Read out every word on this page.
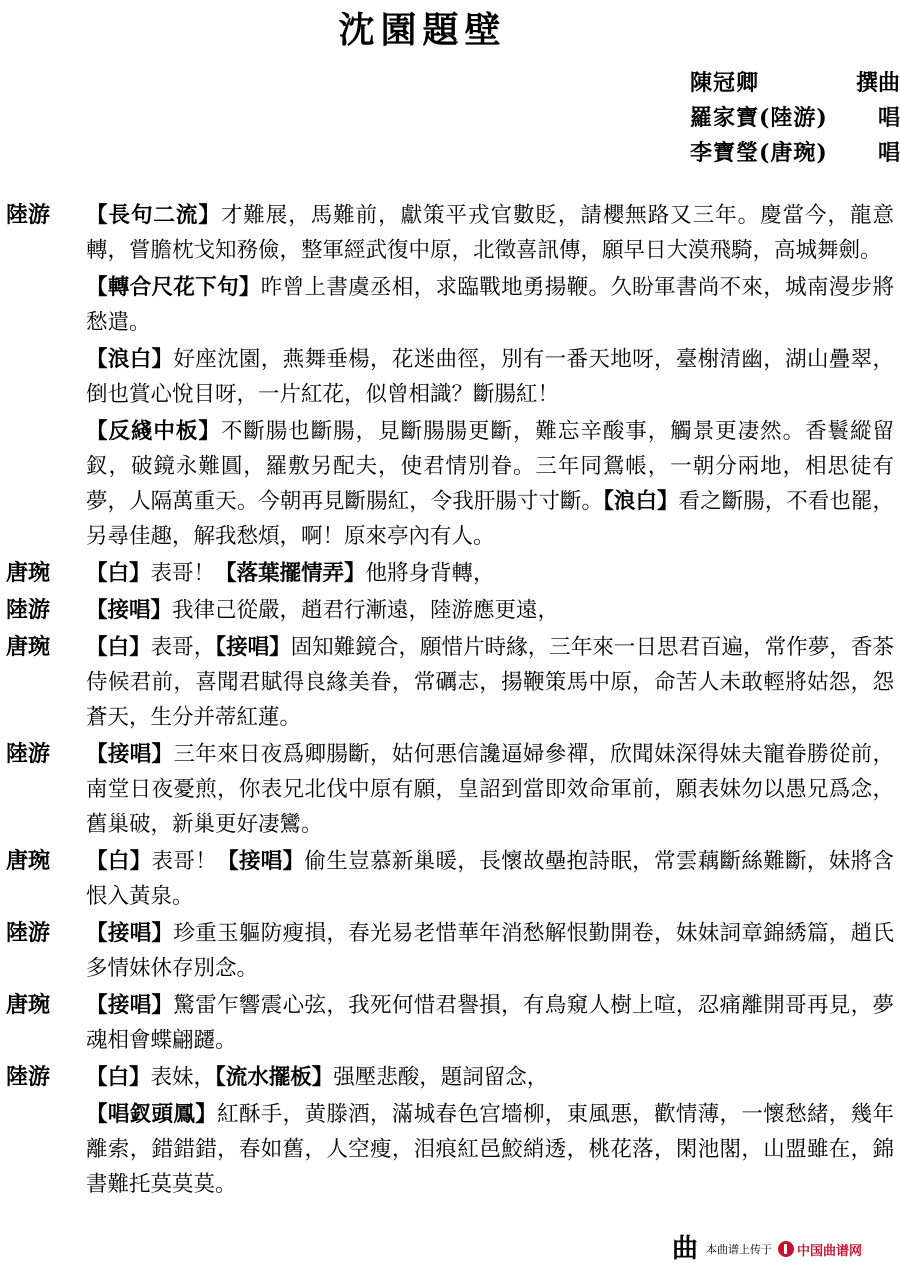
沈園題壁
陳冠卿	撰曲
羅家寶(陸游) 唱
李寶瑩(唐琬) 唱
陸游	【長句二流】才難展，馬難前，獻策平戎官數貶，請櫻無路又三年。慶當今，龍意轉，嘗膽枕戈知務儉，整軍經武復中原，北徵喜訊傳，願早日大漠飛騎，高城舞劍。
【轉合尺花下句】昨曾上書虞丞相，求臨戰地勇揚鞭。久盼軍書尚不來，城南漫步將愁遣。
【浪白】好座沈園，燕舞垂楊，花迷曲徑，別有一番天地呀，臺榭清幽，湖山疊翠，倒也賞心悅目呀，一片紅花，似曾相識？斷腸紅！
【反綫中板】不斷腸也斷腸，見斷腸腸更斷，難忘辛酸事，觸景更凄然。香鬟縱留釵，破鏡永難圓，羅敷另配夫，使君情別眷。三年同鴛帳，一朝分兩地，相思徒有夢，人隔萬重天。今朝再見斷腸紅，令我肝腸寸寸斷。【浪白】看之斷腸，不看也罷，另尋佳趣，解我愁煩，啊！原來亭內有人。
唐琬	【白】表哥！【落葉擺情弄】他將身背轉，
陸游	【接唱】我律己從嚴，趙君行漸遠，陸游應更遠，
唐琬	【白】表哥，【接唱】固知難鏡合，願惜片時緣，三年來一日思君百遍，常作夢，香茶侍候君前，喜聞君賦得良緣美眷，常礪志，揚鞭策馬中原，命苦人未敢輕將姑怨，怨蒼天，生分并蒂紅蓮。
陸游	【接唱】三年來日夜爲卿腸斷，姑何悪信讒逼婦參禪，欣聞妹深得妹夫寵眷勝從前，南堂日夜憂煎，你表兄北伐中原有願，皇詔到當即效命軍前，願表妹勿以愚兄爲念，舊巢破，新巢更好凄鸞。
唐琬	【白】表哥！【接唱】偷生豈慕新巢暖，長懷故壘抱詩眠，常雲藕斷絲難斷，妹將含恨入黃泉。
陸游	【接唱】珍重玉軀防瘦損，春光易老惜華年消愁解恨勤開卷，妹妹詞章錦綉篇，趙氏多情妹休存別念。
唐琬	【接唱】驚雷乍響震心弦，我死何惜君譽損，有鳥窺人樹上喧，忍痛離開哥再見，夢魂相會蝶翩躚。
陸游	【白】表妹，【流水擺板】强壓悲酸，題詞留念，
【唱釵頭鳳】紅酥手，黄滕酒，滿城春色宫墻柳，東風悪，歡情薄，一懷愁緒，幾年離索，錯錯錯，春如舊，人空瘦，泪痕紅邑鮫綃透，桃花落，閑池閣，山盟雖在，錦書難托莫莫莫。
曲 本曲谱上传于 中国曲谱网
